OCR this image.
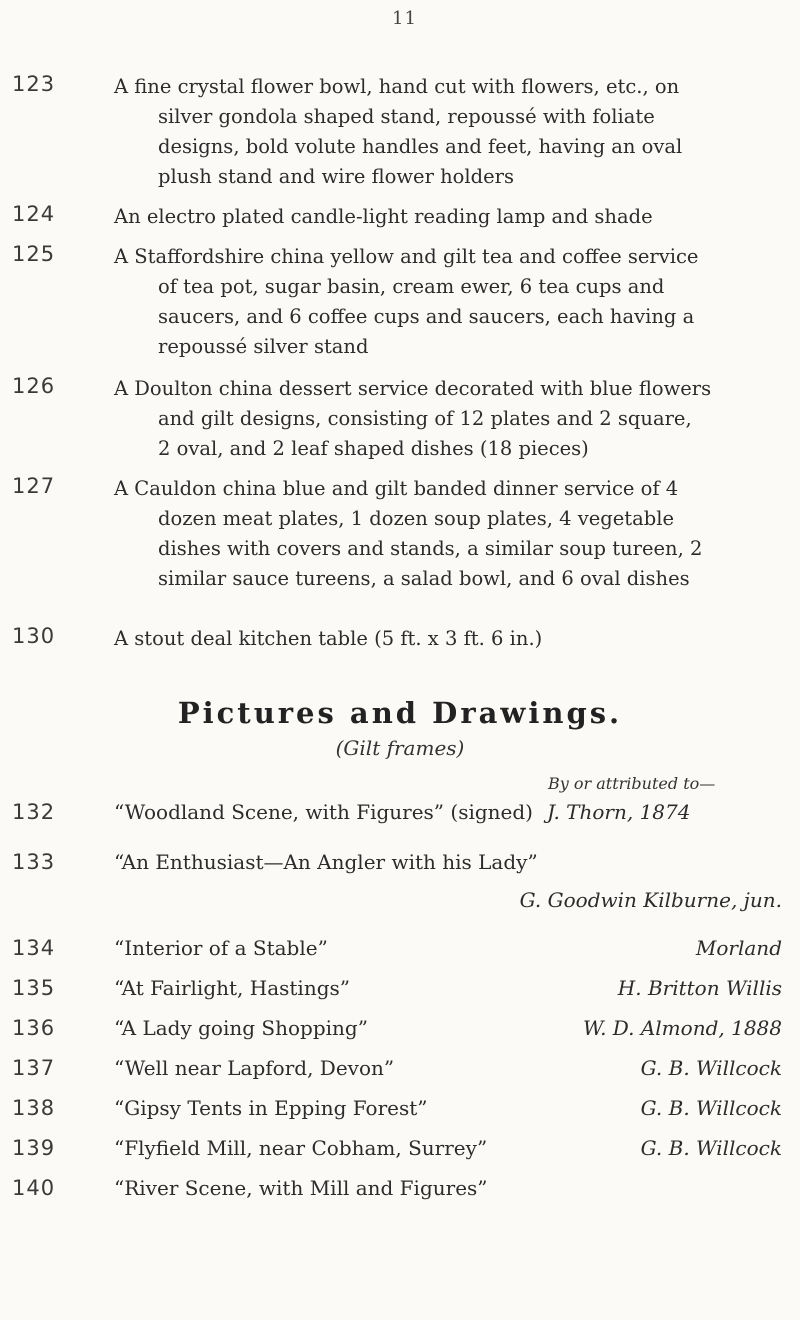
11
123	A fine crystal flower bowl, hand cut with flowers, etc., on
silver gondola shaped stand, repoussé with foliate
designs, bold volute handles and feet, having an oval
plush stand and wire flower holders

124	An electro plated candle-light reading lamp and shade

125	A Staffordshire china yellow and gilt tea and coffee service
of tea pot, sugar basin, cream ewer, 6 tea cups and
saucers, and 6 coffee cups and saucers, each having a
repoussé silver stand

126	A Doulton china dessert service decorated with blue flowers
and gilt designs, consisting of 12 plates and 2 square,
2 oval, and 2 leaf shaped dishes (18 pieces)

127	A Cauldon china blue and gilt banded dinner service of 4
dozen meat plates, 1 dozen soup plates, 4 vegetable
dishes with covers and stands, a similar soup tureen, 2
similar sauce tureens, a salad bowl, and 6 oval dishes

130	A stout deal kitchen table (5 ft. x 3 ft. 6 in.)

Pictures and Drawings.
(Gilt frames)
By or attributed to—
132	“Woodland Scene, with Figures” (signed) J. Thorn, 1874
133	“An Enthusiast—An Angler with his Lady”
G. Goodwin Kilburne, jun.
134	“Interior of a Stable”	Morland
135	“At Fairlight, Hastings”	H. Britton Willis
136	“A Lady going Shopping”	W. D. Almond, 1888
137	“Well near Lapford, Devon”	G. B. Willcock
138	“Gipsy Tents in Epping Forest”	G. B. Willcock
139	“Flyfield Mill, near Cobham, Surrey”	G. B. Willcock
140	“River Scene, with Mill and Figures”
